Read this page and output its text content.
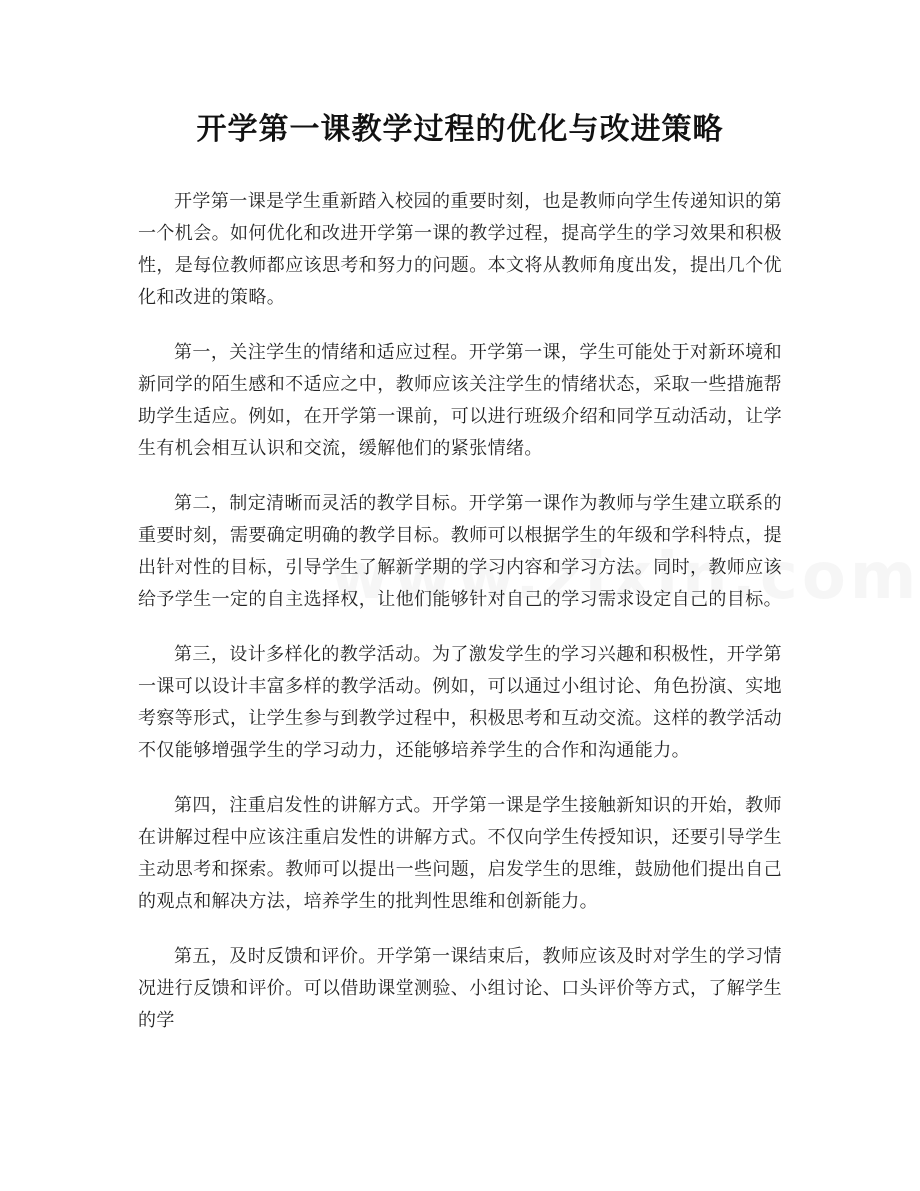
开学第一课教学过程的优化与改进策略

开学第一课是学生重新踏入校园的重要时刻，也是教师向学生传递知识的第一个机会。如何优化和改进开学第一课的教学过程，提高学生的学习效果和积极性，是每位教师都应该思考和努力的问题。本文将从教师角度出发，提出几个优化和改进的策略。

第一，关注学生的情绪和适应过程。开学第一课，学生可能处于对新环境和新同学的陌生感和不适应之中，教师应该关注学生的情绪状态，采取一些措施帮助学生适应。例如，在开学第一课前，可以进行班级介绍和同学互动活动，让学生有机会相互认识和交流，缓解他们的紧张情绪。

第二，制定清晰而灵活的教学目标。开学第一课作为教师与学生建立联系的重要时刻，需要确定明确的教学目标。教师可以根据学生的年级和学科特点，提出针对性的目标，引导学生了解新学期的学习内容和学习方法。同时，教师应该给予学生一定的自主选择权，让他们能够针对自己的学习需求设定自己的目标。

第三，设计多样化的教学活动。为了激发学生的学习兴趣和积极性，开学第一课可以设计丰富多样的教学活动。例如，可以通过小组讨论、角色扮演、实地考察等形式，让学生参与到教学过程中，积极思考和互动交流。这样的教学活动不仅能够增强学生的学习动力，还能够培养学生的合作和沟通能力。

第四，注重启发性的讲解方式。开学第一课是学生接触新知识的开始，教师在讲解过程中应该注重启发性的讲解方式。不仅向学生传授知识，还要引导学生主动思考和探索。教师可以提出一些问题，启发学生的思维，鼓励他们提出自己的观点和解决方法，培养学生的批判性思维和创新能力。

第五，及时反馈和评价。开学第一课结束后，教师应该及时对学生的学习情况进行反馈和评价。可以借助课堂测验、小组讨论、口头评价等方式，了解学生的学
